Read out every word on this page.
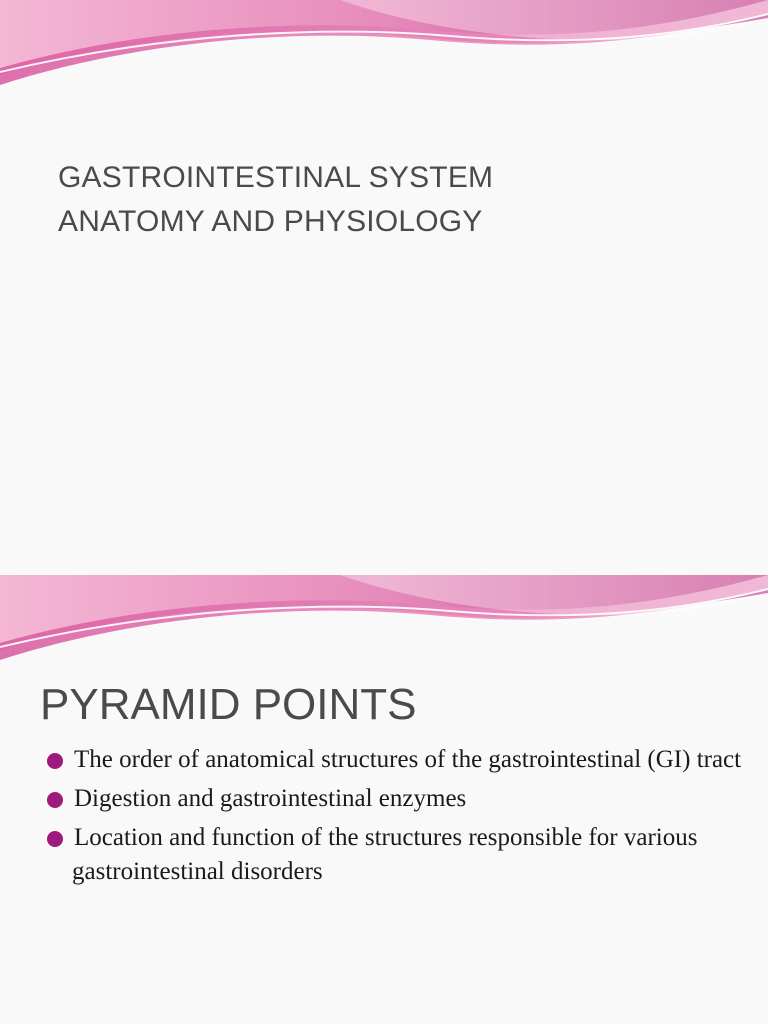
GASTROINTESTINAL SYSTEM
ANATOMY AND PHYSIOLOGY
PYRAMID POINTS
The order of anatomical structures of the gastrointestinal (GI) tract
Digestion and gastrointestinal enzymes
Location and function of the structures responsible for various gastrointestinal disorders
